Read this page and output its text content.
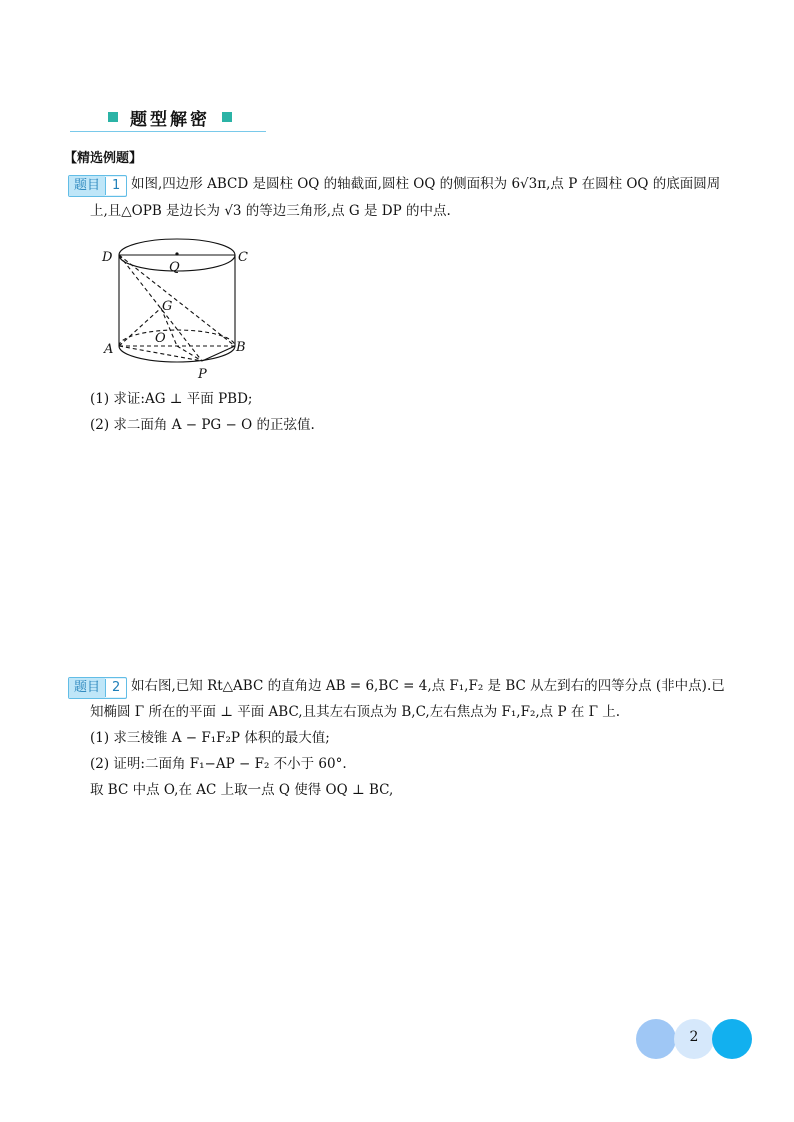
题型解密
【精选例题】
题目 1 如图,四边形 ABCD 是圆柱 OQ 的轴截面,圆柱 OQ 的侧面积为 6√3π,点 P 在圆柱 OQ 的底面圆周
上,且△OPB 是边长为 √3 的等边三角形,点 G 是 DP 的中点.
D
Q
C
G
O
A	B
P
(1) 求证:AG ⊥ 平面 PBD;
(2) 求二面角 A − PG − O 的正弦值.
题目 2 如右图,已知 Rt△ABC 的直角边 AB = 6,BC = 4,点 F₁,F₂ 是 BC 从左到右的四等分点 (非中点).已
知椭圆 Γ 所在的平面 ⊥ 平面 ABC,且其左右顶点为 B,C,左右焦点为 F₁,F₂,点 P 在 Γ 上.
(1) 求三棱锥 A − F₁F₂P 体积的最大值;
(2) 证明:二面角 F₁−AP − F₂ 不小于 60°.
取 BC 中点 O,在 AC 上取一点 Q 使得 OQ ⊥ BC,
2
